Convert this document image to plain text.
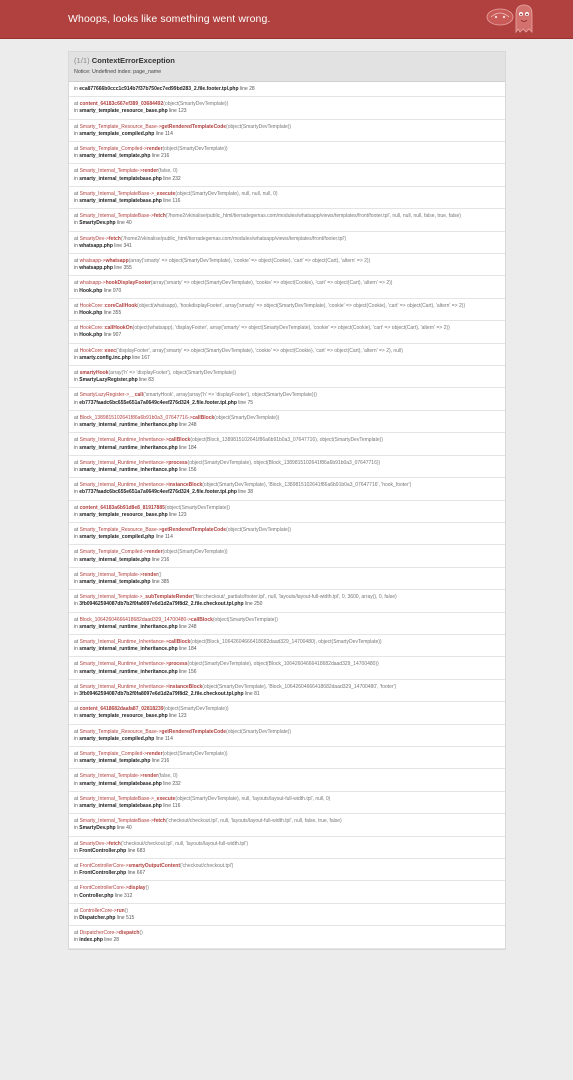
Whoops, looks like something went wrong.
(1/1) ContextErrorException
Notice: Undefined index: page_name
in eca877666b0ccc1c914b7f37b750ec7ed99bd283_2.file.footer.tpl.php line 28
at content_64183c667ef389_03684492(object(SmartyDevTemplate))
in smarty_template_resource_base.php line 123
at Smarty_Template_Resource_Base->getRenderedTemplateCode(object(SmartyDevTemplate))
in smarty_template_compiled.php line 114
at Smarty_Template_Compiled->render(object(SmartyDevTemplate))
in smarty_internal_template.php line 216
at Smarty_Internal_Template->render(false, 0)
in smarty_internal_templatebase.php line 232
at Smarty_Internal_TemplateBase->_execute(object(SmartyDevTemplate), null, null, null, 0)
in smarty_internal_templatebase.php line 116
at Smarty_Internal_TemplateBase->fetch('/home2/vkinalise/public_html/tierradegemas.com/modules/whatsapp/views/templates/front/footer.tpl', null, null, null, false, true, false)
in SmartyDev.php line 40
at SmartyDev->fetch('/home2/vkinalise/public_html/tierradegemas.com/modules/whatsapp/views/templates/front/footer.tpl')
in whatsapp.php line 341
at whatsapp->whatsapp(array('smarty' => object(SmartyDevTemplate), 'cookie' => object(Cookie), 'cart' => object(Cart), 'altern' => 2))
in whatsapp.php line 355
at whatsapp->hookDisplayFooter(array('smarty' => object(SmartyDevTemplate), 'cookie' => object(Cookie), 'cart' => object(Cart), 'altern' => 2))
in Hook.php line 970
at HookCore::coreCallHook(object(whatsapp), 'hookdisplayFooter', array('smarty' => object(SmartyDevTemplate), 'cookie' => object(Cookie), 'cart' => object(Cart), 'altern' => 2))
in Hook.php line 355
at HookCore::callHookOn(object(whatsapp), 'displayFooter', array('smarty' => object(SmartyDevTemplate), 'cookie' => object(Cookie), 'cart' => object(Cart), 'altern' => 2))
in Hook.php line 907
at HookCore::exec('displayFooter', array('smarty' => object(SmartyDevTemplate), 'cookie' => object(Cookie), 'cart' => object(Cart), 'altern' => 2), null)
in smarty.config.inc.php line 167
at smartyHook(array('h' => 'displayFooter'), object(SmartyDevTemplate))
in SmartyLazyRegister.php line 83
at SmartyLazyRegister->__call('smartyHook', array(array('h' => 'displayFooter'), object(SmartyDevTemplate)))
in eb7737faadc6bc655e651a7a0649c4eef276d324_2.file.footer.tpl.php line 75
at Block_1389815102641f86a6b91b0a3_07647716->callBlock(object(SmartyDevTemplate))
in smarty_internal_runtime_inheritance.php line 248
at Smarty_Internal_Runtime_Inheritance->callBlock(object(Block_1389815102641f86a6b91b0a3_07647716), object(SmartyDevTemplate))
in smarty_internal_runtime_inheritance.php line 184
at Smarty_Internal_Runtime_Inheritance->process(object(SmartyDevTemplate), object(Block_1389815102641f86a6b91b0a3_07647716))
in smarty_internal_runtime_inheritance.php line 156
at Smarty_Internal_Runtime_Inheritance->instanceBlock(object(SmartyDevTemplate), 'Block_1389815102641f86a6b91b0a3_07647716', 'hook_footer')
in eb7737faadc6bc655e651a7a0649c4eef276d324_2.file.footer.tpl.php line 38
at content_64183a6b91d8e8_81917885(object(SmartyDevTemplate))
in smarty_template_resource_base.php line 123
at Smarty_Template_Resource_Base->getRenderedTemplateCode(object(SmartyDevTemplate))
in smarty_template_compiled.php line 114
at Smarty_Template_Compiled->render(object(SmartyDevTemplate))
in smarty_internal_template.php line 216
at Smarty_Internal_Template->render()
in smarty_internal_template.php line 385
at Smarty_Internal_Template->_subTemplateRender('file:checkout/_partials/footer.tpl', null, 'layouts/layout-full-width.tpl', 0, 3600, array(), 0, false)
in 3fb09462594087db7b2f0fa8097e6d1d2a79f8d2_2.file.checkout.tpl.php line 250
at Block_10642604666418682daad329_14700480->callBlock(object(SmartyDevTemplate))
in smarty_internal_runtime_inheritance.php line 248
at Smarty_Internal_Runtime_Inheritance->callBlock(object(Block_10642604666418682daad329_14700480), object(SmartyDevTemplate))
in smarty_internal_runtime_inheritance.php line 184
at Smarty_Internal_Runtime_Inheritance->process(object(SmartyDevTemplate), object(Block_10642604666418682daad329_14700480))
in smarty_internal_runtime_inheritance.php line 156
at Smarty_Internal_Runtime_Inheritance->instanceBlock(object(SmartyDevTemplate), 'Block_10642604666418682daad329_14700480', 'footer')
in 3fb09462594087db7b2f0fa8097e6d1d2a79f8d2_2.file.checkout.tpl.php line 81
at content_6418682daafa87_02818239(object(SmartyDevTemplate))
in smarty_template_resource_base.php line 123
at Smarty_Template_Resource_Base->getRenderedTemplateCode(object(SmartyDevTemplate))
in smarty_template_compiled.php line 114
at Smarty_Template_Compiled->render(object(SmartyDevTemplate))
in smarty_internal_template.php line 216
at Smarty_Internal_Template->render(false, 0)
in smarty_internal_templatebase.php line 232
at Smarty_Internal_TemplateBase->_execute(object(SmartyDevTemplate), null, 'layouts/layout-full-width.tpl', null, 0)
in smarty_internal_templatebase.php line 116
at Smarty_Internal_TemplateBase->fetch('checkout/checkout.tpl', null, 'layouts/layout-full-width.tpl', null, false, true, false)
in SmartyDev.php line 40
at SmartyDev->fetch('checkout/checkout.tpl', null, 'layouts/layout-full-width.tpl')
in FrontController.php line 683
at FrontControllerCore->smartyOutputContent('checkout/checkout.tpl')
in FrontController.php line 667
at FrontControllerCore->display()
in Controller.php line 312
at ControllerCore->run()
in Dispatcher.php line 515
at DispatcherCore->dispatch()
in index.php line 28
